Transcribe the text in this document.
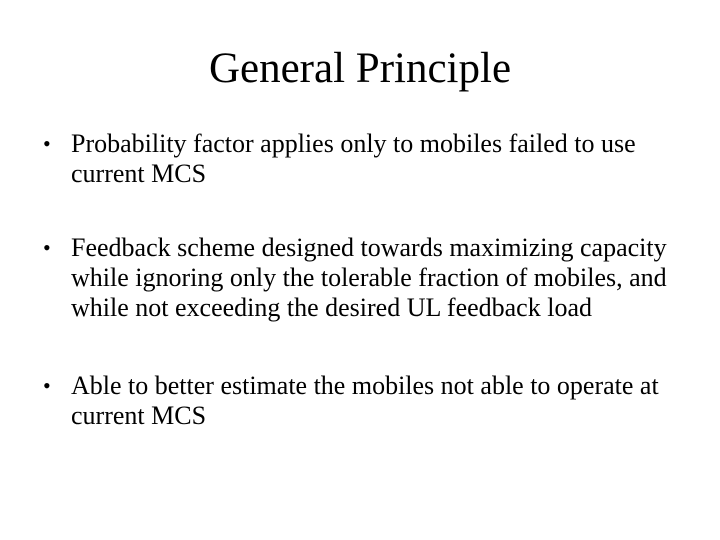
General Principle
• Probability factor applies only to mobiles failed to use current MCS
• Feedback scheme designed towards maximizing capacity while ignoring only the tolerable fraction of mobiles, and while not exceeding the desired UL feedback load
• Able to better estimate the mobiles not able to operate at current MCS
